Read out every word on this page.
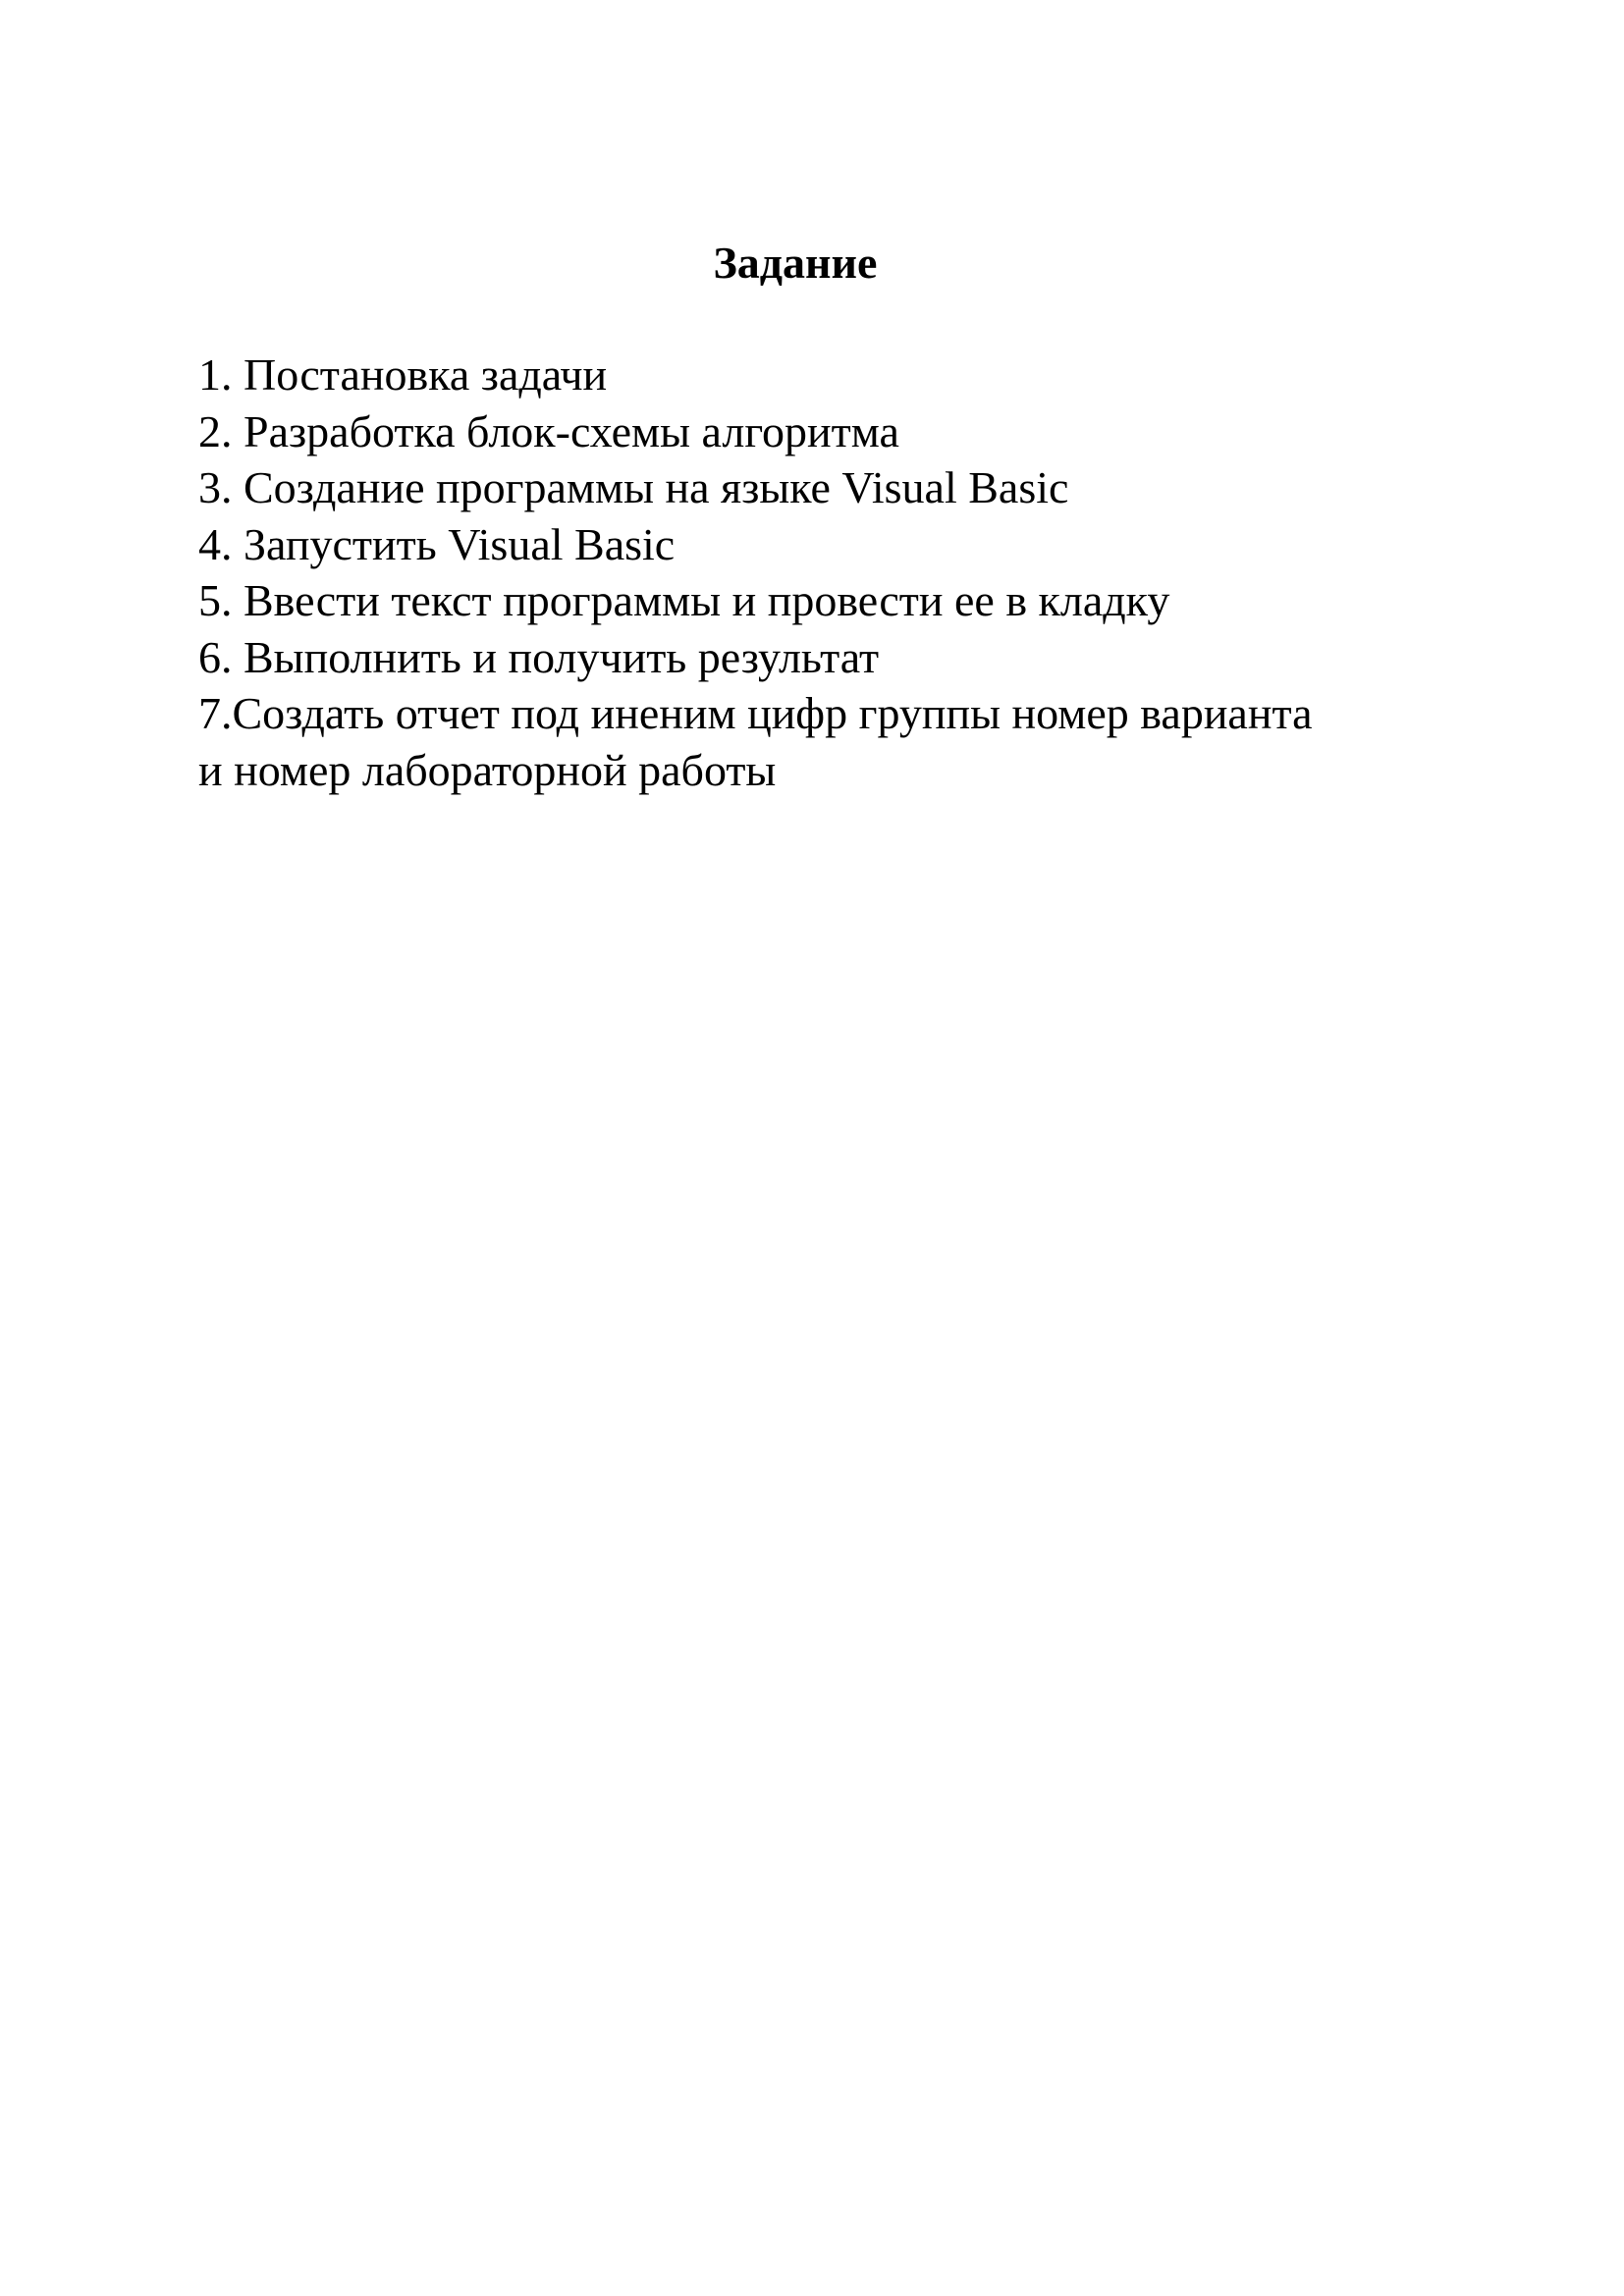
Задание
1. Постановка задачи
2. Разработка блок-схемы алгоритма
3. Создание программы на языке Visual Basic
4. Запустить Visual Basic
5. Ввести текст программы и провести ее в кладку
6. Выполнить и получить результат
7.Создать отчет под иненим цифр группы номер варианта
и номер лабораторной работы
